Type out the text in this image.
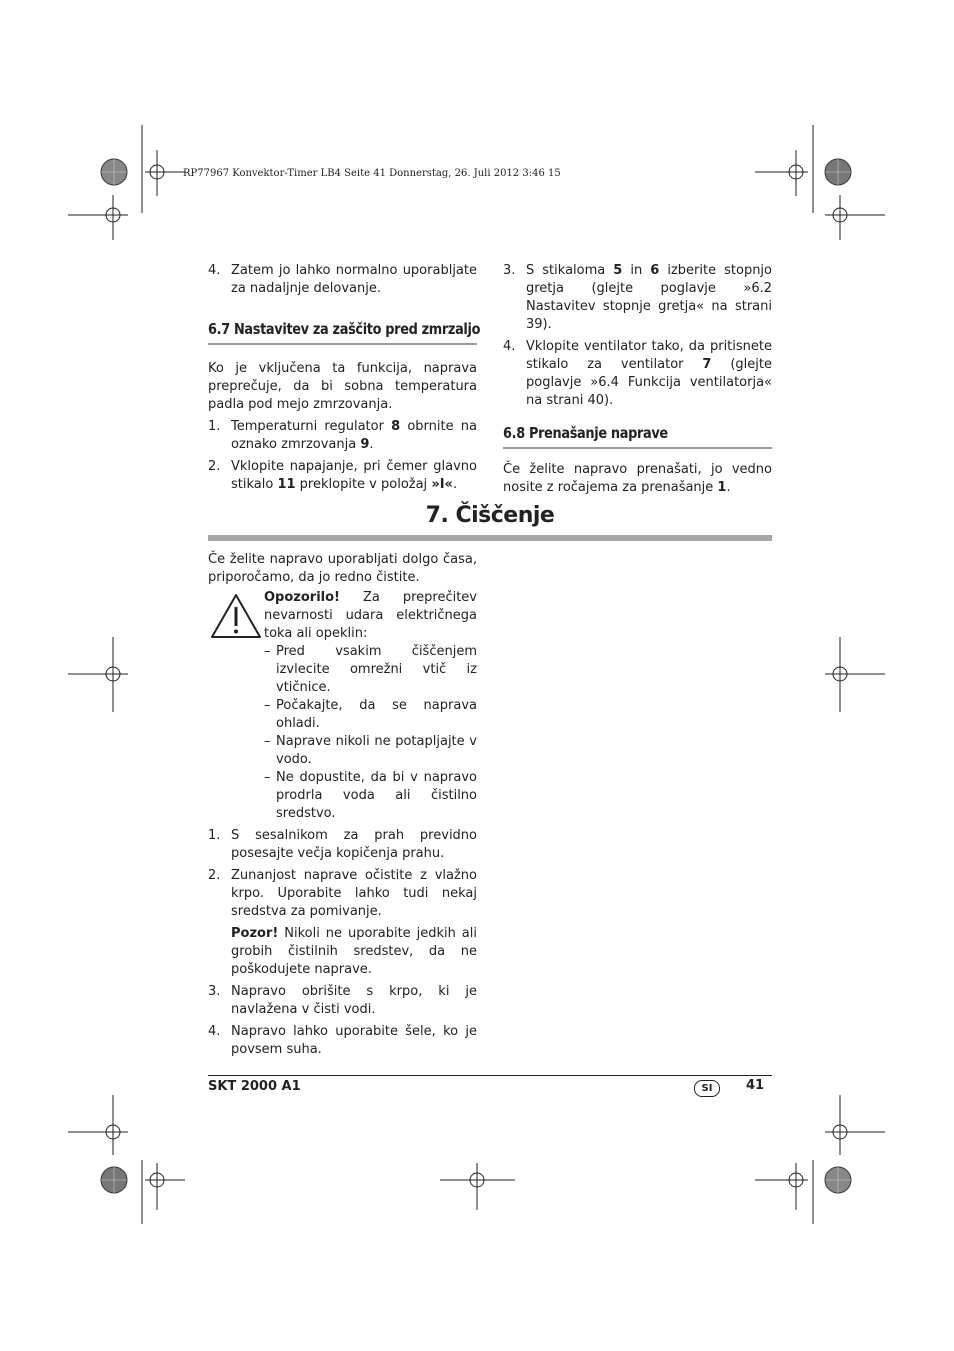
RP77967 Konvektor-Timer LB4 Seite 41 Donnerstag, 26. Juli 2012 3:46 15
4. Zatem jo lahko normalno uporabljate za nadaljnje delovanje.
6.7 Nastavitev za zaščito pred zmrzaljo

Ko je vključena ta funkcija, naprava preprečuje, da bi sobna temperatura padla pod mejo zmrzovanja.

1. Temperaturni regulator 8 obrnite na oznako zmrzovanja 9.
2. Vklopite napajanje, pri čemer glavno stikalo 11 preklopite v položaj »I«.
3. S stikaloma 5 in 6 izberite stopnjo gretja (glejte poglavje »6.2 Nastavitev stopnje gretja« na strani 39).
4. Vklopite ventilator tako, da pritisnete stikalo za ventilator 7 (glejte poglavje »6.4 Funkcija ventilatorja« na strani 40).
6.8 Prenašanje naprave

Če želite napravo prenašati, jo vedno nosite z ročajema za prenašanje 1.

7. Čiščenje

Če želite napravo uporabljati dolgo časa, priporočamo, da jo redno čistite.

Opozorilo! Za preprečitev nevarnosti udara električnega toka ali opeklin:

– Pred vsakim čiščenjem izvlecite omrežni vtič iz vtičnice.
– Počakajte, da se naprava ohladi.
– Naprave nikoli ne potapljajte v vodo.
– Ne dopustite, da bi v napravo prodrla voda ali čistilno sredstvo.
1. S sesalnikom za prah previdno posesajte večja kopičenja prahu.
2. Zunanjost naprave očistite z vlažno krpo. Uporabite lahko tudi nekaj sredstva za pomivanje.

Pozor! Nikoli ne uporabite jedkih ali grobih čistilnih sredstev, da ne poškodujete naprave.

3. Napravo obrišite s krpo, ki je navlažena v čisti vodi.
4. Napravo lahko uporabite šele, ko je povsem suha.
SKT 2000 A1	SI	41
